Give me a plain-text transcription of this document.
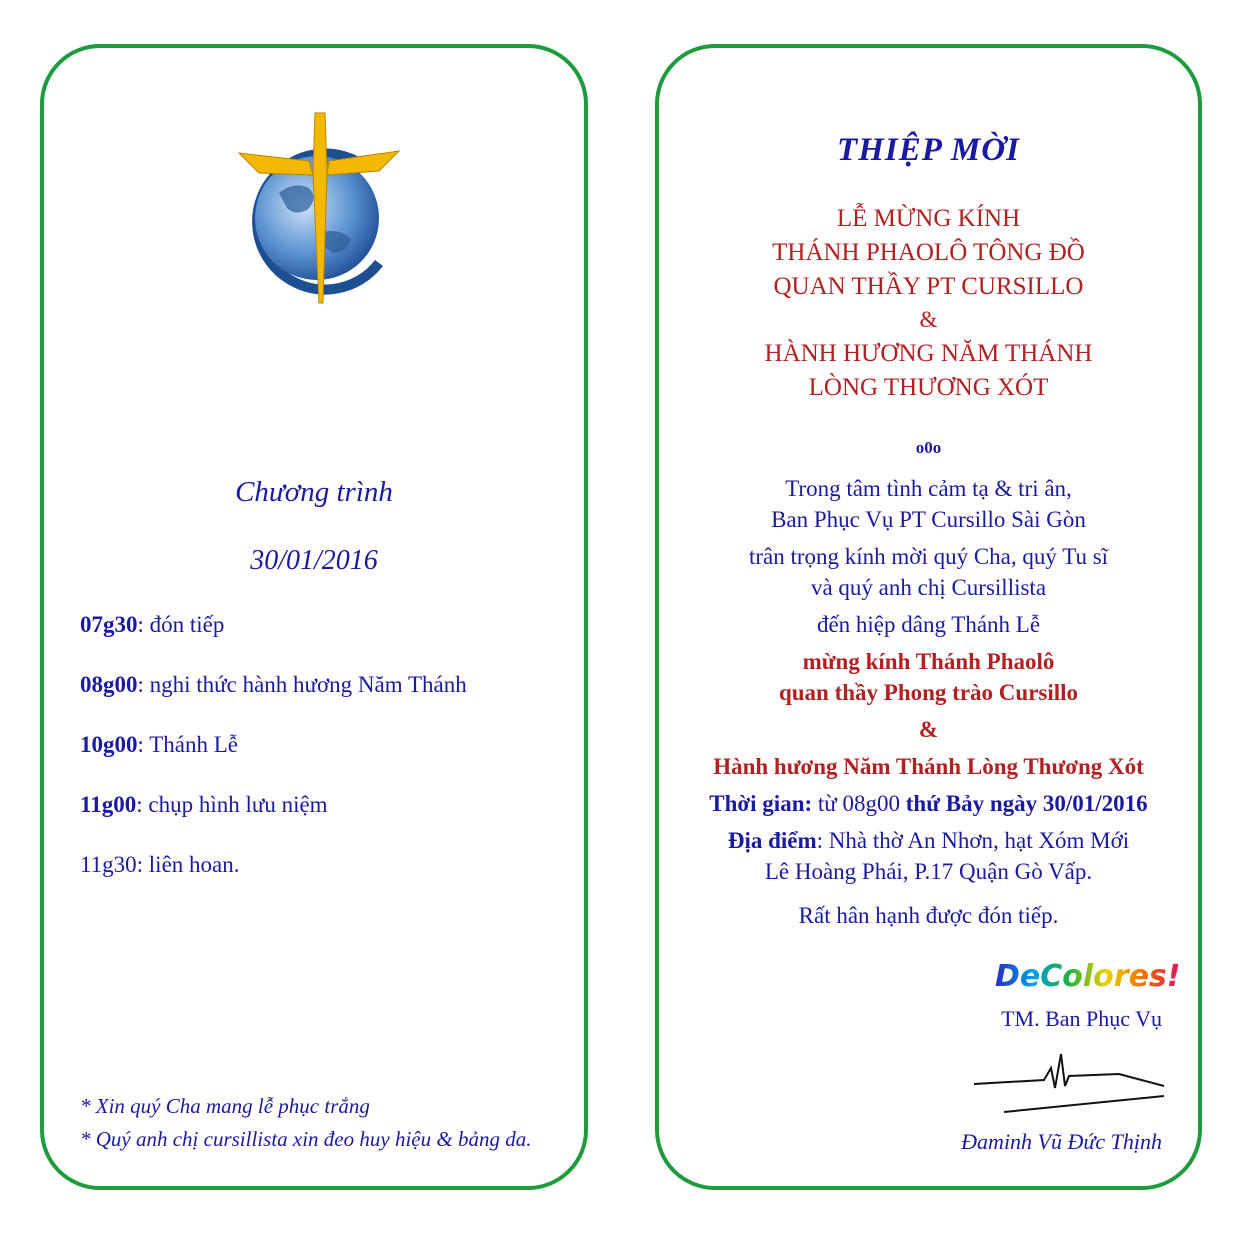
Chương trình

30/01/2016

07g30: đón tiếp
08g00: nghi thức hành hương Năm Thánh
10g00: Thánh Lễ
11g00: chụp hình lưu niệm
11g30: liên hoan.
* Xin quý Cha mang lễ phục trắng
* Quý anh chị cursillista xin đeo huy hiệu & bảng da.

THIỆP MỜI

LỄ MỪNG KÍNH

THÁNH PHAOLÔ TÔNG ĐỒ

QUAN THẦY PT CURSILLO

&

HÀNH HƯƠNG NĂM THÁNH

LÒNG THƯƠNG XÓT

o0o

Trong tâm tình cảm tạ & tri ân,

Ban Phục Vụ PT Cursillo Sài Gòn

trân trọng kính mời quý Cha, quý Tu sĩ

và quý anh chị Cursillista

đến hiệp dâng Thánh Lễ

mừng kính Thánh Phaolô

quan thầy Phong trào Cursillo

&

Hành hương Năm Thánh Lòng Thương Xót

Thời gian: từ 08g00 thứ Bảy ngày 30/01/2016

Địa điểm: Nhà thờ An Nhơn, hạt Xóm Mới

Lê Hoàng Phái, P.17 Quận Gò Vấp.

Rất hân hạnh được đón tiếp.

DeColores!
TM. Ban Phục Vụ
Đaminh Vũ Đức Thịnh
